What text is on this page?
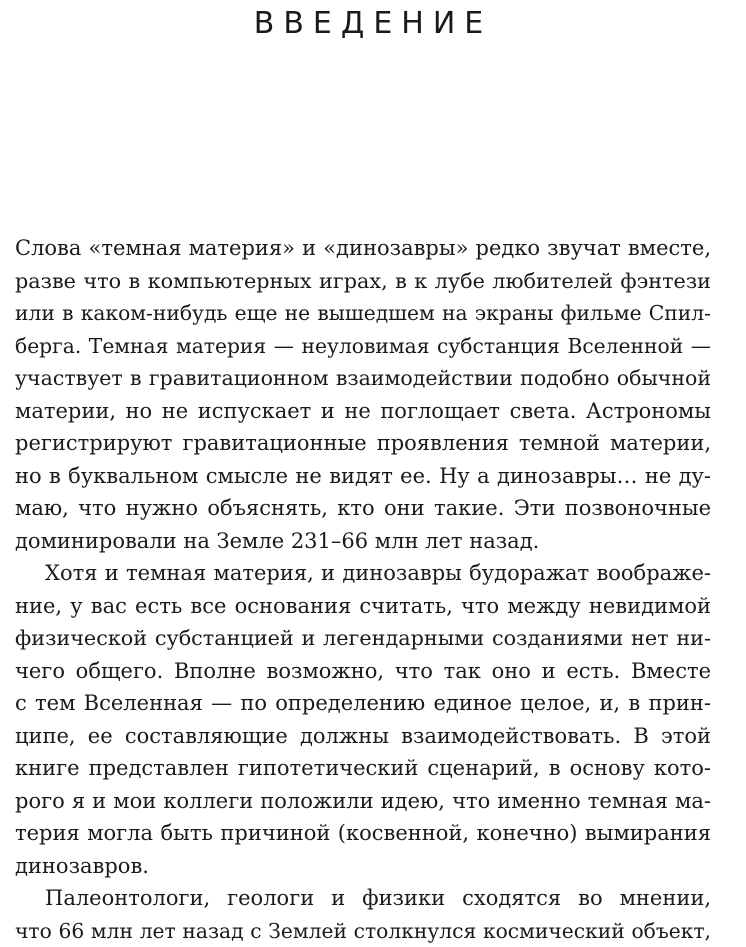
ВВЕДЕНИЕ
Слова «темная материя» и «динозавры» редко звучат вместе,
разве что в компьютерных играх, в к лубе любителей фэнтези
или в каком-нибудь еще не вышедшем на экраны фильме Спил-
берга. Темная материя — неуловимая субстанция Вселенной —
участвует в гравитационном взаимодействии подобно обычной
материи, но не испускает и не поглощает света. Астрономы
регистрируют гравитационные проявления темной материи,
но в буквальном смысле не видят ее. Ну а динозавры… не ду-
маю, что нужно объяснять, кто они такие. Эти позвоночные
доминировали на Земле 231–66 млн лет назад.
Хотя и темная материя, и динозавры будоражат воображе-
ние, у вас есть все основания считать, что между невидимой
физической субстанцией и легендарными созданиями нет ни-
чего общего. Вполне возможно, что так оно и есть. Вместе
с тем Вселенная — по определению единое целое, и, в прин-
ципе, ее составляющие должны взаимодействовать. В этой
книге представлен гипотетический сценарий, в основу кото-
рого я и мои коллеги положили идею, что именно темная ма-
терия могла быть причиной (косвенной, конечно) вымирания
динозавров.
Палеонтологи, геологи и физики сходятся во мнении,
что 66 млн лет назад с Землей столкнулся космический объект,
